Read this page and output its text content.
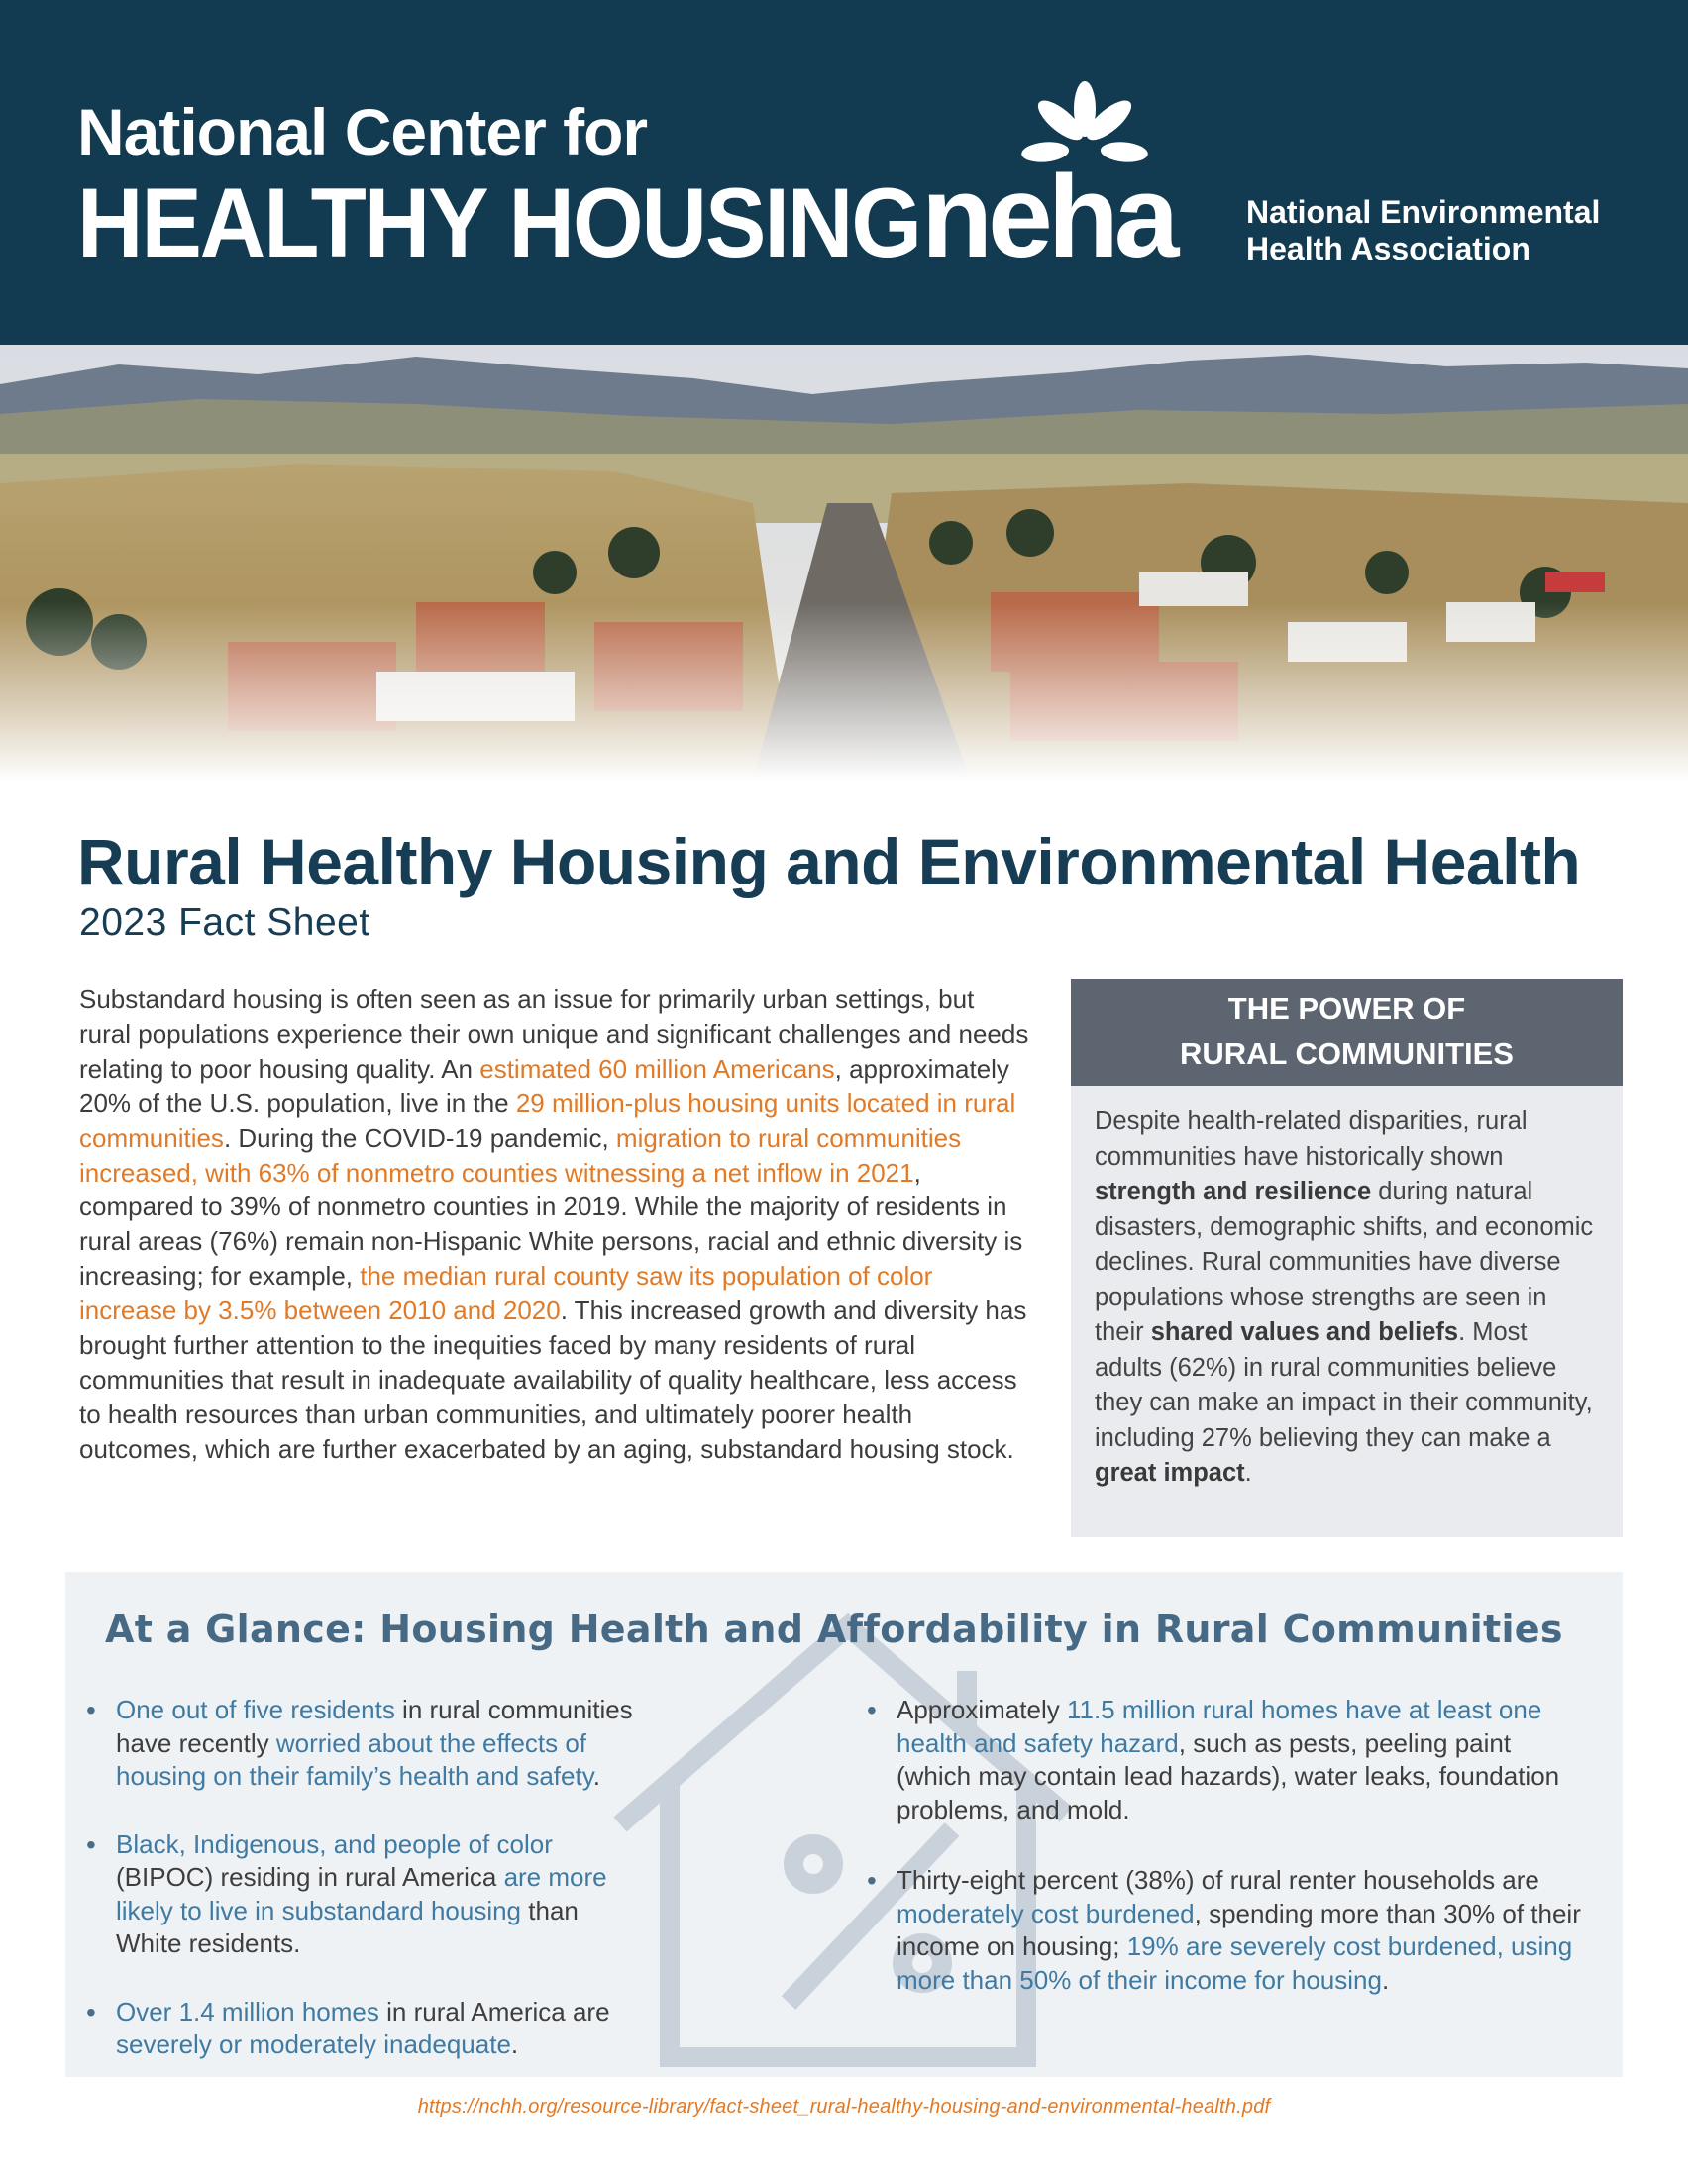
National Center for
HEALTHY HOUSING neha	National Environmental
Health Association
Rural Healthy Housing and Environmental Health
2023 Fact Sheet

Substandard housing is often seen as an issue for primarily urban settings, but rural populations experience their own unique and significant challenges and needs relating to poor housing quality. An estimated 60 million Americans, approximately 20% of the U.S. population, live in the 29 million-plus housing units located in rural communities. During the COVID-19 pandemic, migration to rural communities increased, with 63% of nonmetro counties witnessing a net inflow in 2021, compared to 39% of nonmetro counties in 2019. While the majority of residents in rural areas (76%) remain non-Hispanic White persons, racial and ethnic diversity is increasing; for example, the median rural county saw its population of color increase by 3.5% between 2010 and 2020. This increased growth and diversity has brought further attention to the inequities faced by many residents of rural communities that result in inadequate availability of quality healthcare, less access to health resources than urban communities, and ultimately poorer health outcomes, which are further exacerbated by an aging, substandard housing stock.

THE POWER OF
RURAL COMMUNITIES

Despite health-related disparities, rural communities have historically shown strength and resilience during natural disasters, demographic shifts, and economic declines. Rural communities have diverse populations whose strengths are seen in their shared values and beliefs. Most adults (62%) in rural communities believe they can make an impact in their community, including 27% believing they can make a great impact.

At a Glance: Housing Health and Affordability in Rural Communities
• One out of five residents in rural communities have recently worried about the effects of housing on their family’s health and safety.
• Black, Indigenous, and people of color (BIPOC) residing in rural America are more likely to live in substandard housing than White residents.
• Over 1.4 million homes in rural America are severely or moderately inadequate.
• Approximately 11.5 million rural homes have at least one health and safety hazard, such as pests, peeling paint (which may contain lead hazards), water leaks, foundation problems, and mold.
• Thirty-eight percent (38%) of rural renter households are moderately cost burdened, spending more than 30% of their income on housing; 19% are severely cost burdened, using more than 50% of their income for housing.
https://nchh.org/resource-library/fact-sheet_rural-healthy-housing-and-environmental-health.pdf
